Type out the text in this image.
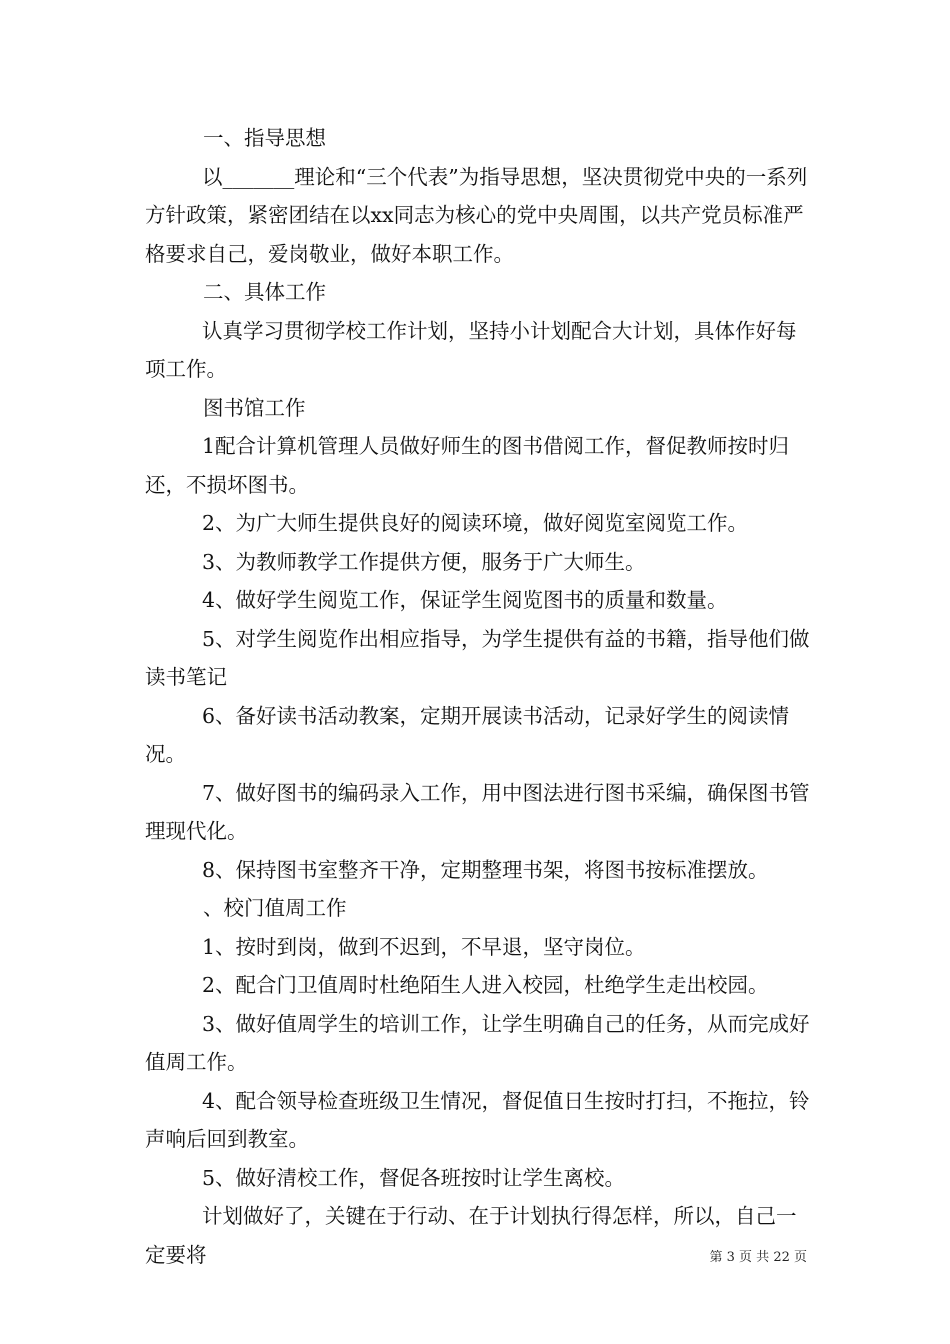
一、指导思想

以_______理论和“三个代表”为指导思想，坚决贯彻党中央的一系列方针政策，紧密团结在以xx同志为核心的党中央周围，以共产党员标准严格要求自己，爱岗敬业，做好本职工作。

二、具体工作

认真学习贯彻学校工作计划，坚持小计划配合大计划，具体作好每项工作。

图书馆工作

1配合计算机管理人员做好师生的图书借阅工作，督促教师按时归还，不损坏图书。

2、为广大师生提供良好的阅读环境，做好阅览室阅览工作。

3、为教师教学工作提供方便，服务于广大师生。

4、做好学生阅览工作，保证学生阅览图书的质量和数量。

5、对学生阅览作出相应指导，为学生提供有益的书籍，指导他们做读书笔记

6、备好读书活动教案，定期开展读书活动，记录好学生的阅读情况。

7、做好图书的编码录入工作，用中图法进行图书采编，确保图书管理现代化。

8、保持图书室整齐干净，定期整理书架，将图书按标准摆放。

、校门值周工作

1、按时到岗，做到不迟到，不早退，坚守岗位。

2、配合门卫值周时杜绝陌生人进入校园，杜绝学生走出校园。

3、做好值周学生的培训工作，让学生明确自己的任务，从而完成好值周工作。

4、配合领导检查班级卫生情况，督促值日生按时打扫，不拖拉，铃声响后回到教室。

5、做好清校工作，督促各班按时让学生离校。

计划做好了，关键在于行动、在于计划执行得怎样，所以，自己一定要将	第 3 页 共 22 页
